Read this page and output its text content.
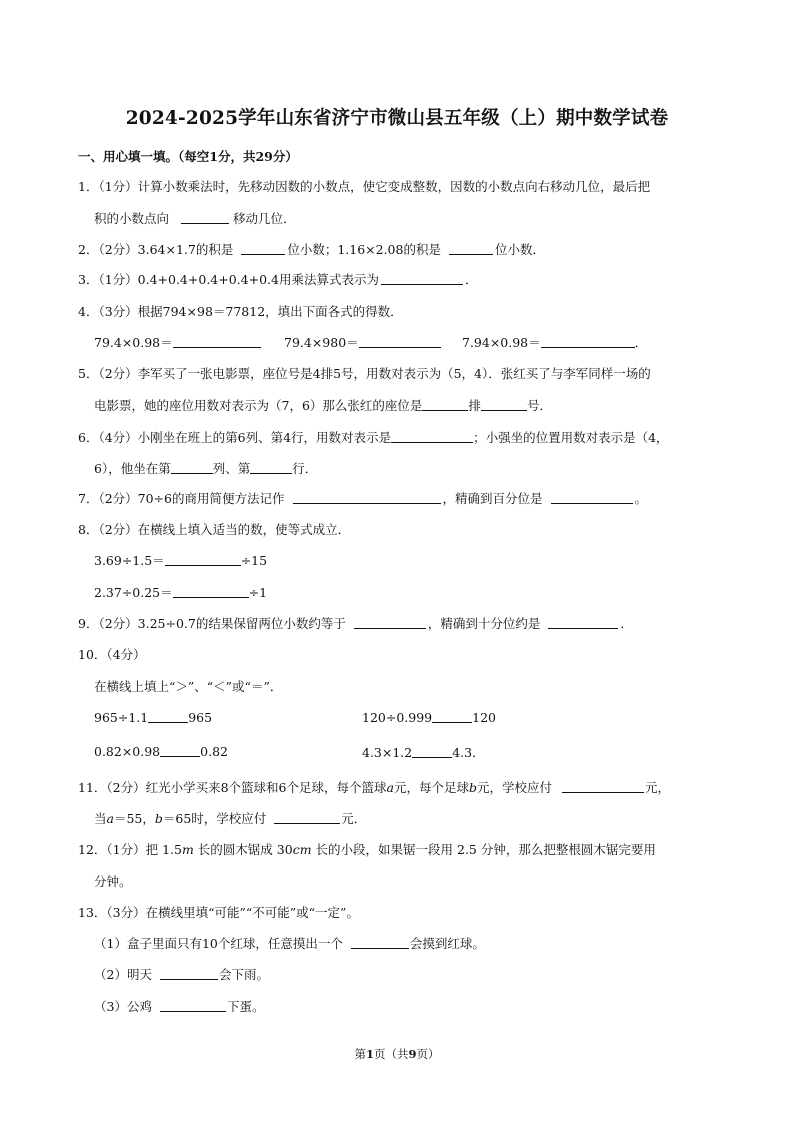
2024-2025学年山东省济宁市微山县五年级（上）期中数学试卷
一、用心填一填。（每空1分，共29分）
1．（1分）计算小数乘法时，先移动因数的小数点，使它变成整数，因数的小数点向右移动几位，最后把
积的小数点向	移动几位．
2．（2分）3.64×1.7的积是	位小数；1.16×2.08的积是	位小数．
3．（1分）0.4+0.4+0.4+0.4+0.4用乘法算式表示为	．
4．（3分）根据794×98＝77812，填出下面各式的得数．
79.4×0.98＝	79.4×980＝	7.94×0.98＝	．
5．（2分）李军买了一张电影票，座位号是4排5号，用数对表示为（5，4）．张红买了与李军同样一场的
电影票，她的座位用数对表示为（7，6）那么张红的座位是	排	号．
6．（4分）小刚坐在班上的第6列、第4行，用数对表示是	；小强坐的位置用数对表示是（4，
6），他坐在第	列、第	行．
7．（2分）70÷6的商用简便方法记作	，精确到百分位是	。
8．（2分）在横线上填入适当的数，使等式成立．
3.69÷1.5＝	÷15
2.37÷0.25＝	÷1
9．（2分）3.25÷0.7的结果保留两位小数约等于	，精确到十分位约是	．
10．（4分）
在横线上填上“＞”、“＜”或“＝”．
965÷1.1	965	120÷0.999	120
0.82×0.98	0.82	4.3×1.2	4.3．
11．（2分）红光小学买来8个篮球和6个足球，每个篮球a元，每个足球b元，学校应付	元，
当a＝55，b＝65时，学校应付	元．
12．（1分）把 1.5m 长的圆木锯成 30cm 长的小段，如果锯一段用 2.5 分钟，那么把整根圆木锯完要用
分钟。
13．（3分）在横线里填“可能”“不可能”或“一定”。
（1）盒子里面只有10个红球，任意摸出一个	会摸到红球。
（2）明天	会下雨。
（3）公鸡	下蛋。
第1页（共9页）
